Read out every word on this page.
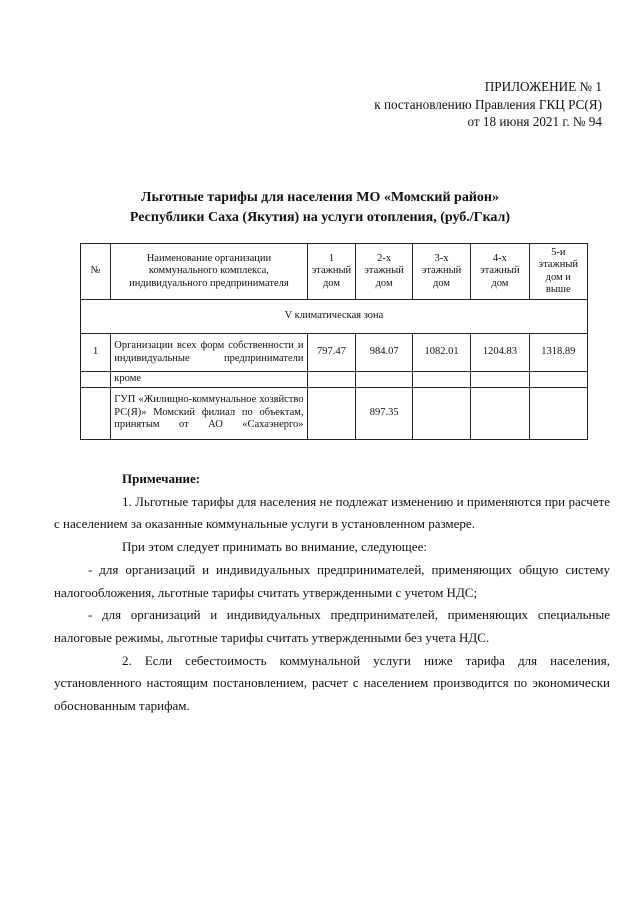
ПРИЛОЖЕНИЕ № 1
к постановлению Правления ГКЦ РС(Я)
от 18 июня 2021 г. № 94
Льготные тарифы для населения МО «Момский район»
Республики Саха (Якутия) на услуги отопления, (руб./Гкал)
№	Наименование организации коммунального комплекса, индивидуального предпринимателя	1 этажный дом	2-х этажный дом	3-х этажный дом	4-х этажный дом	5-и этажный дом и выше
V климатическая зона						
1	Организации всех форм собственности и индивидуальные предприниматели	797.47	984.07	1082.01	1204.83	1318.89
	кроме					
	ГУП «Жилищно-коммунальное хозяйство РС(Я)» Момский филиал по объектам, принятым от АО «Сахаэнерго»		897.35			

Примечание:

1. Льготные тарифы для населения не подлежат изменению и применяются при расчете с населением за оказанные коммунальные услуги в установленном размере.

При этом следует принимать во внимание, следующее:

- для организаций и индивидуальных предпринимателей, применяющих общую систему налогообложения, льготные тарифы считать утвержденными с учетом НДС;

- для организаций и индивидуальных предпринимателей, применяющих специальные налоговые режимы, льготные тарифы считать утвержденными без учета НДС.

2. Если себестоимость коммунальной услуги ниже тарифа для населения, установленного настоящим постановлением, расчет с населением производится по экономически обоснованным тарифам.
